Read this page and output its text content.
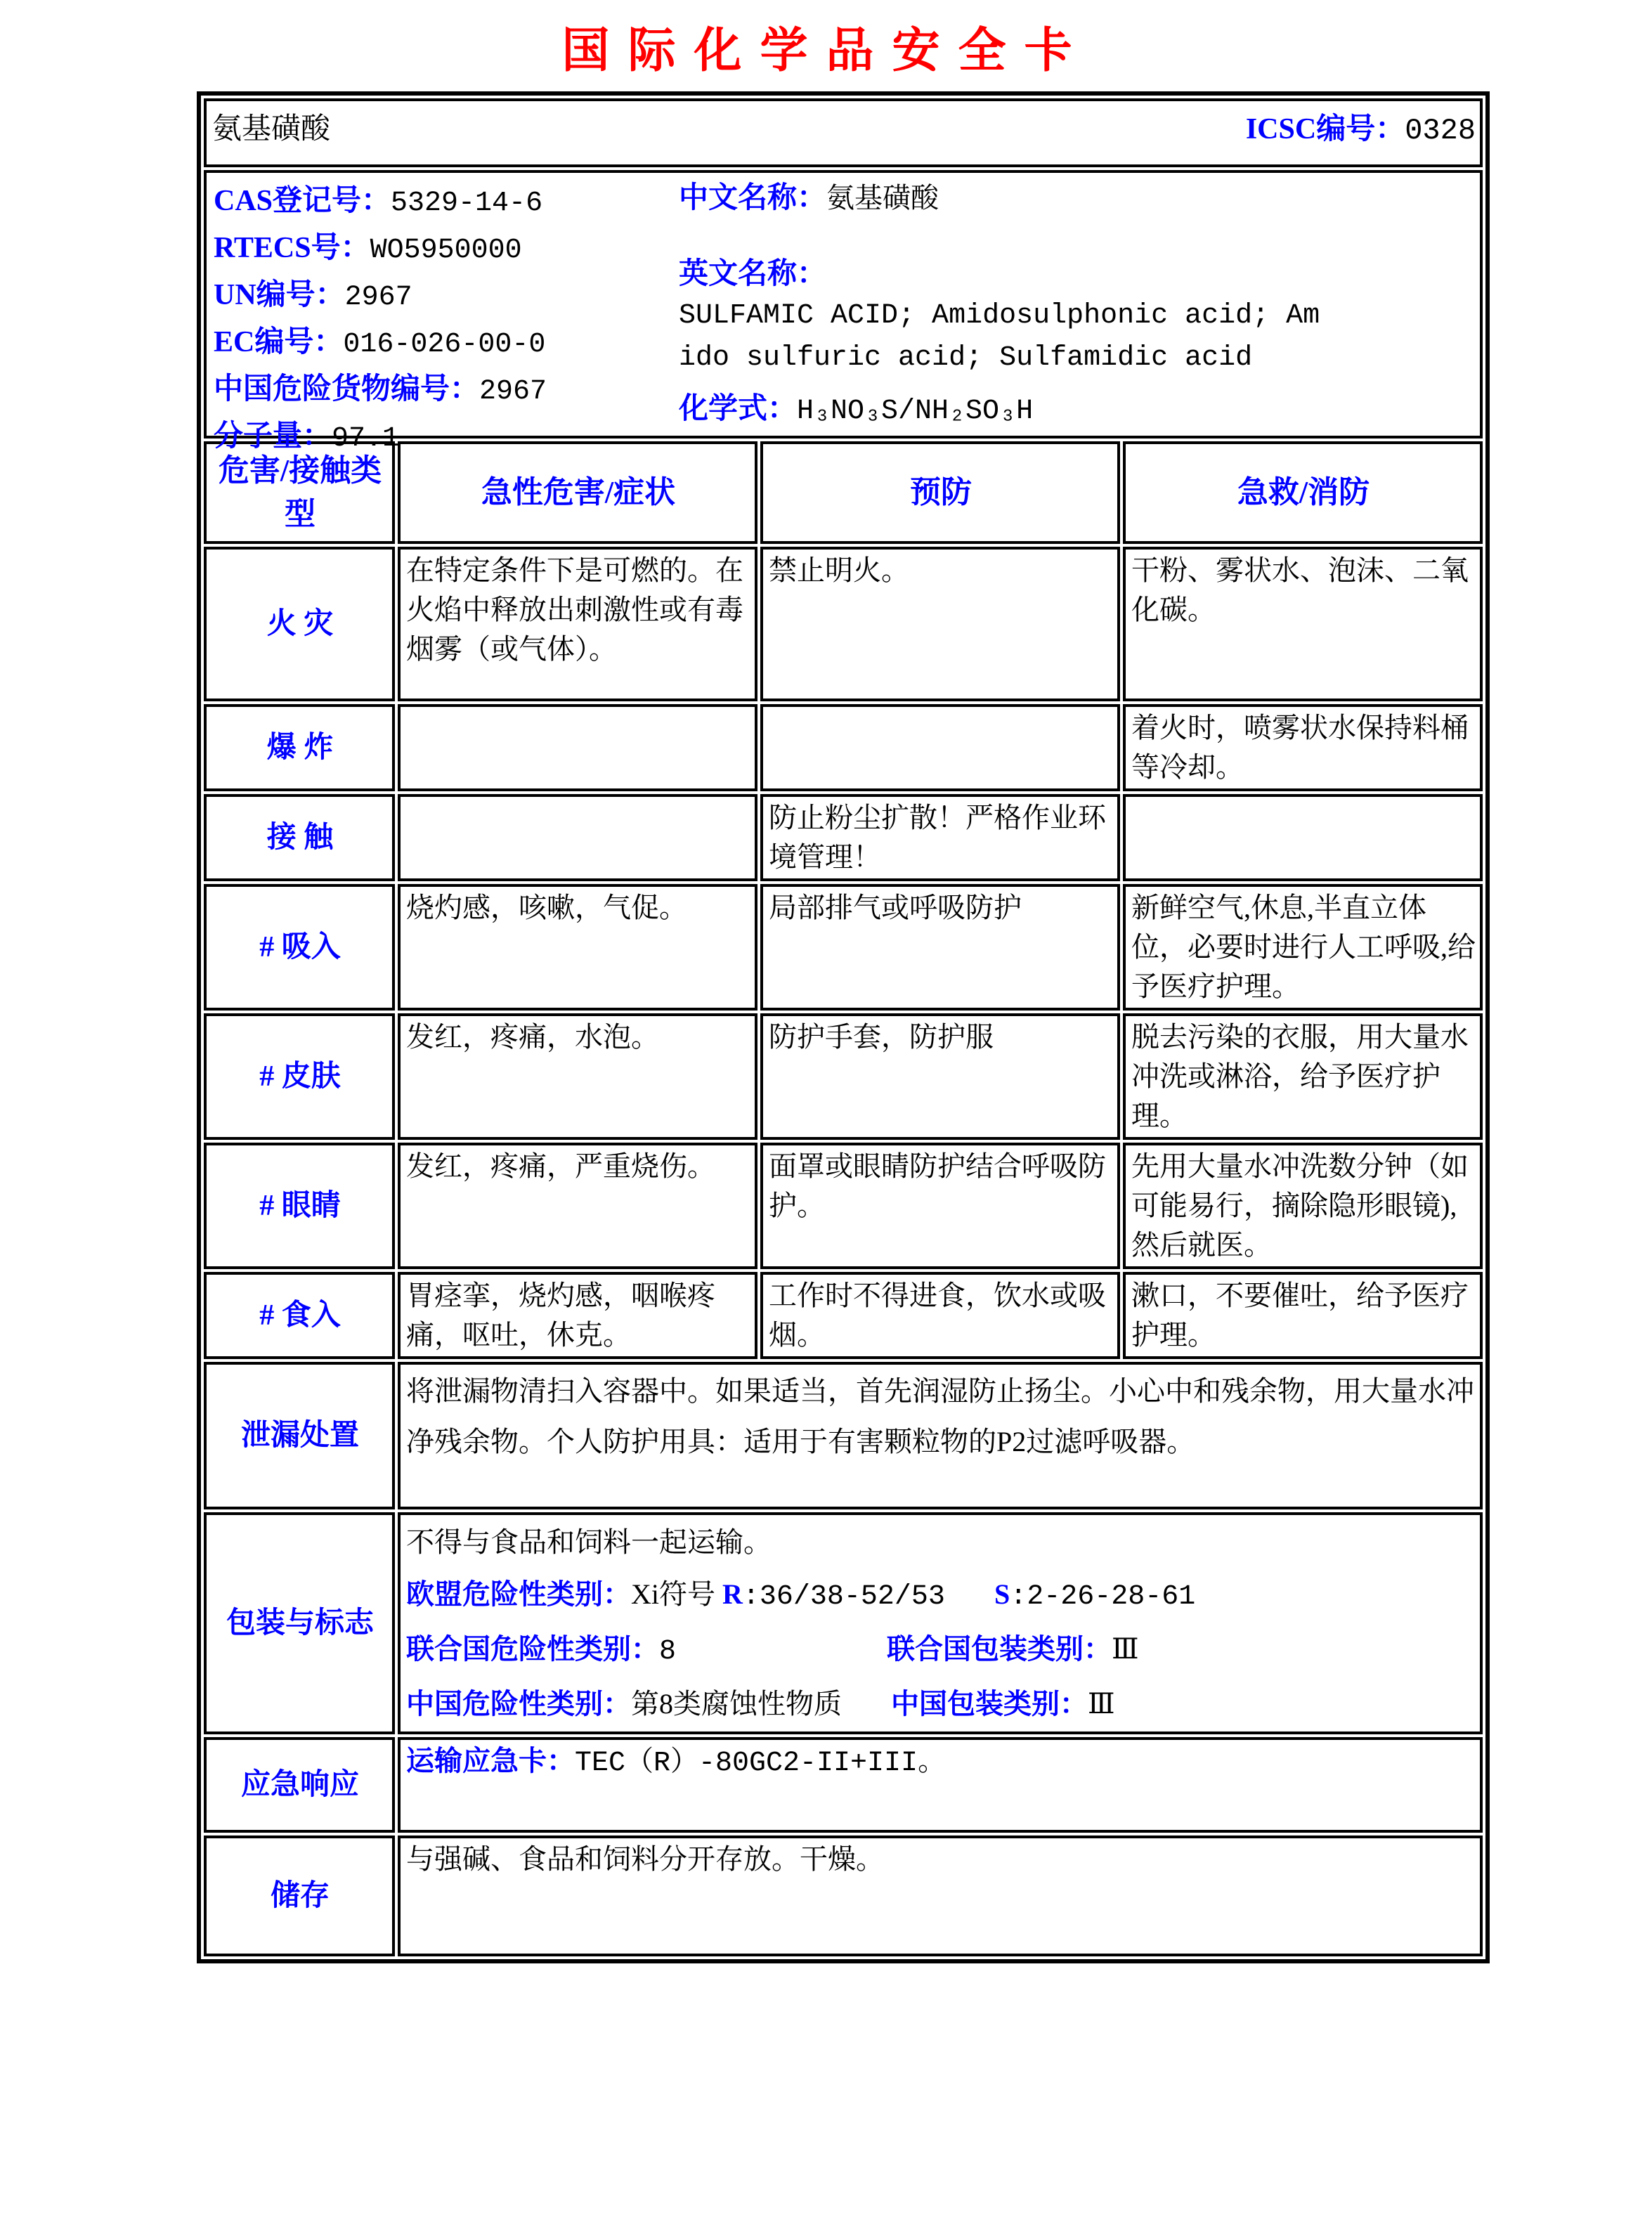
国际化学品安全卡
氨基磺酸 ICSC编号：0328			

CAS登记号：5329-14-6
RTECS号：WO5950000
UN编号：2967
EC编号：016-026-00-0
中国危险货物编号：2967
分子量：97.1
中文名称：氨基磺酸
英文名称：SULFAMIC ACID; Amidosulphonic acid; Amido sulfuric acid; Sulfamidic acid
化学式：H₃NO₃S/NH₂SO₃H

危害/接触类型	急性危害/症状	预防	急救/消防
火 灾	在特定条件下是可燃的。在火焰中释放出刺激性或有毒烟雾（或气体）。	禁止明火。	干粉、雾状水、泡沫、二氧化碳。
爆 炸			着火时，喷雾状水保持料桶等冷却。
接 触		防止粉尘扩散！严格作业环境管理！	
# 吸入	烧灼感，咳嗽，气促。	局部排气或呼吸防护	新鲜空气,休息,半直立体位，必要时进行人工呼吸,给予医疗护理。
# 皮肤	发红，疼痛，水泡。	防护手套，防护服	脱去污染的衣服，用大量水冲洗或淋浴，给予医疗护理。
# 眼睛	发红，疼痛，严重烧伤。	面罩或眼睛防护结合呼吸防护。	先用大量水冲洗数分钟（如可能易行，摘除隐形眼镜),然后就医。
# 食入	胃痉挛，烧灼感，咽喉疼痛，呕吐，休克。	工作时不得进食，饮水或吸烟。	漱口，不要催吐，给予医疗护理。
泄漏处置	将泄漏物清扫入容器中。如果适当，首先润湿防止扬尘。小心中和残余物，用大量水冲净残余物。个人防护用具：适用于有害颗粒物的P2过滤呼吸器。		
包装与标志	不得与食品和饲料一起运输。
欧盟危险性类别：Xi符号 R:36/38-52/53 S:2-26-28-61
联合国危险性类别：8 联合国包装类别：Ⅲ
中国危险性类别：第8类腐蚀性物质 中国包装类别：Ⅲ		

应急响应	运输应急卡：TEC（R）-80GC2-II+III。		
储存	与强碱、食品和饲料分开存放。干燥。		
